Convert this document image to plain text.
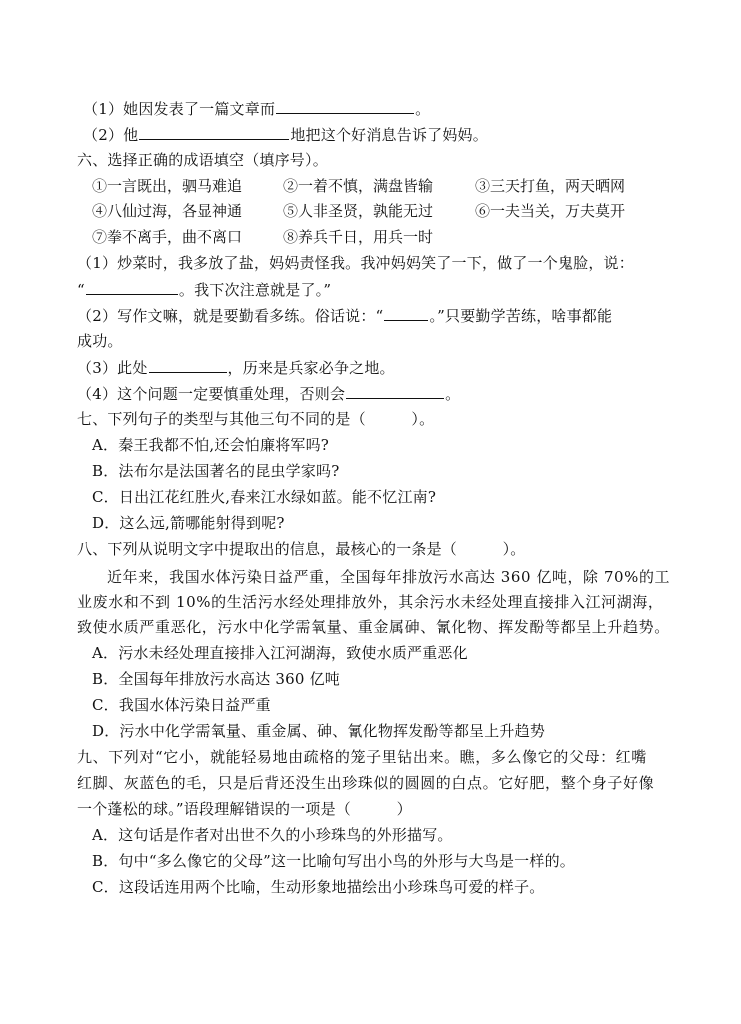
（1）她因发表了一篇文章而	。
（2）他	地把这个好消息告诉了妈妈。
六、选择正确的成语填空（填序号）。
①一言既出，驷马难追	②一着不慎，满盘皆输	③三天打鱼，两天晒网
④八仙过海，各显神通	⑤人非圣贤，孰能无过	⑥一夫当关，万夫莫开
⑦拳不离手，曲不离口	⑧养兵千日，用兵一时
（1）炒菜时，我多放了盐，妈妈责怪我。我冲妈妈笑了一下，做了一个鬼脸，说：
“	。我下次注意就是了。”
（2）写作文嘛，就是要勤看多练。俗话说：“	。”只要勤学苦练，啥事都能
成功。
（3）此处	，历来是兵家必争之地。
（4）这个问题一定要慎重处理，否则会	。
七、下列句子的类型与其他三句不同的是（　　　）。
A．秦王我都不怕,还会怕廉将军吗?
B．法布尔是法国著名的昆虫学家吗?
C．日出江花红胜火,春来江水绿如蓝。能不忆江南?
D．这么远,箭哪能射得到呢?
八、下列从说明文字中提取出的信息，最核心的一条是（　　　）。
近年来，我国水体污染日益严重，全国每年排放污水高达 360 亿吨，除 70%的工
业废水和不到 10%的生活污水经处理排放外，其余污水未经处理直接排入江河湖海，
致使水质严重恶化，污水中化学需氧量、重金属砷、氰化物、挥发酚等都呈上升趋势。
A．污水未经处理直接排入江河湖海，致使水质严重恶化
B．全国每年排放污水高达 360 亿吨
C．我国水体污染日益严重
D．污水中化学需氧量、重金属、砷、氰化物挥发酚等都呈上升趋势
九、下列对“它小，就能轻易地由疏格的笼子里钻出来。瞧，多么像它的父母：红嘴
红脚、灰蓝色的毛，只是后背还没生出珍珠似的圆圆的白点。它好肥，整个身子好像
一个蓬松的球。”语段理解错误的一项是（　　　）
A．这句话是作者对出世不久的小珍珠鸟的外形描写。
B．句中“多么像它的父母”这一比喻句写出小鸟的外形与大鸟是一样的。
C．这段话连用两个比喻，生动形象地描绘出小珍珠鸟可爱的样子。
